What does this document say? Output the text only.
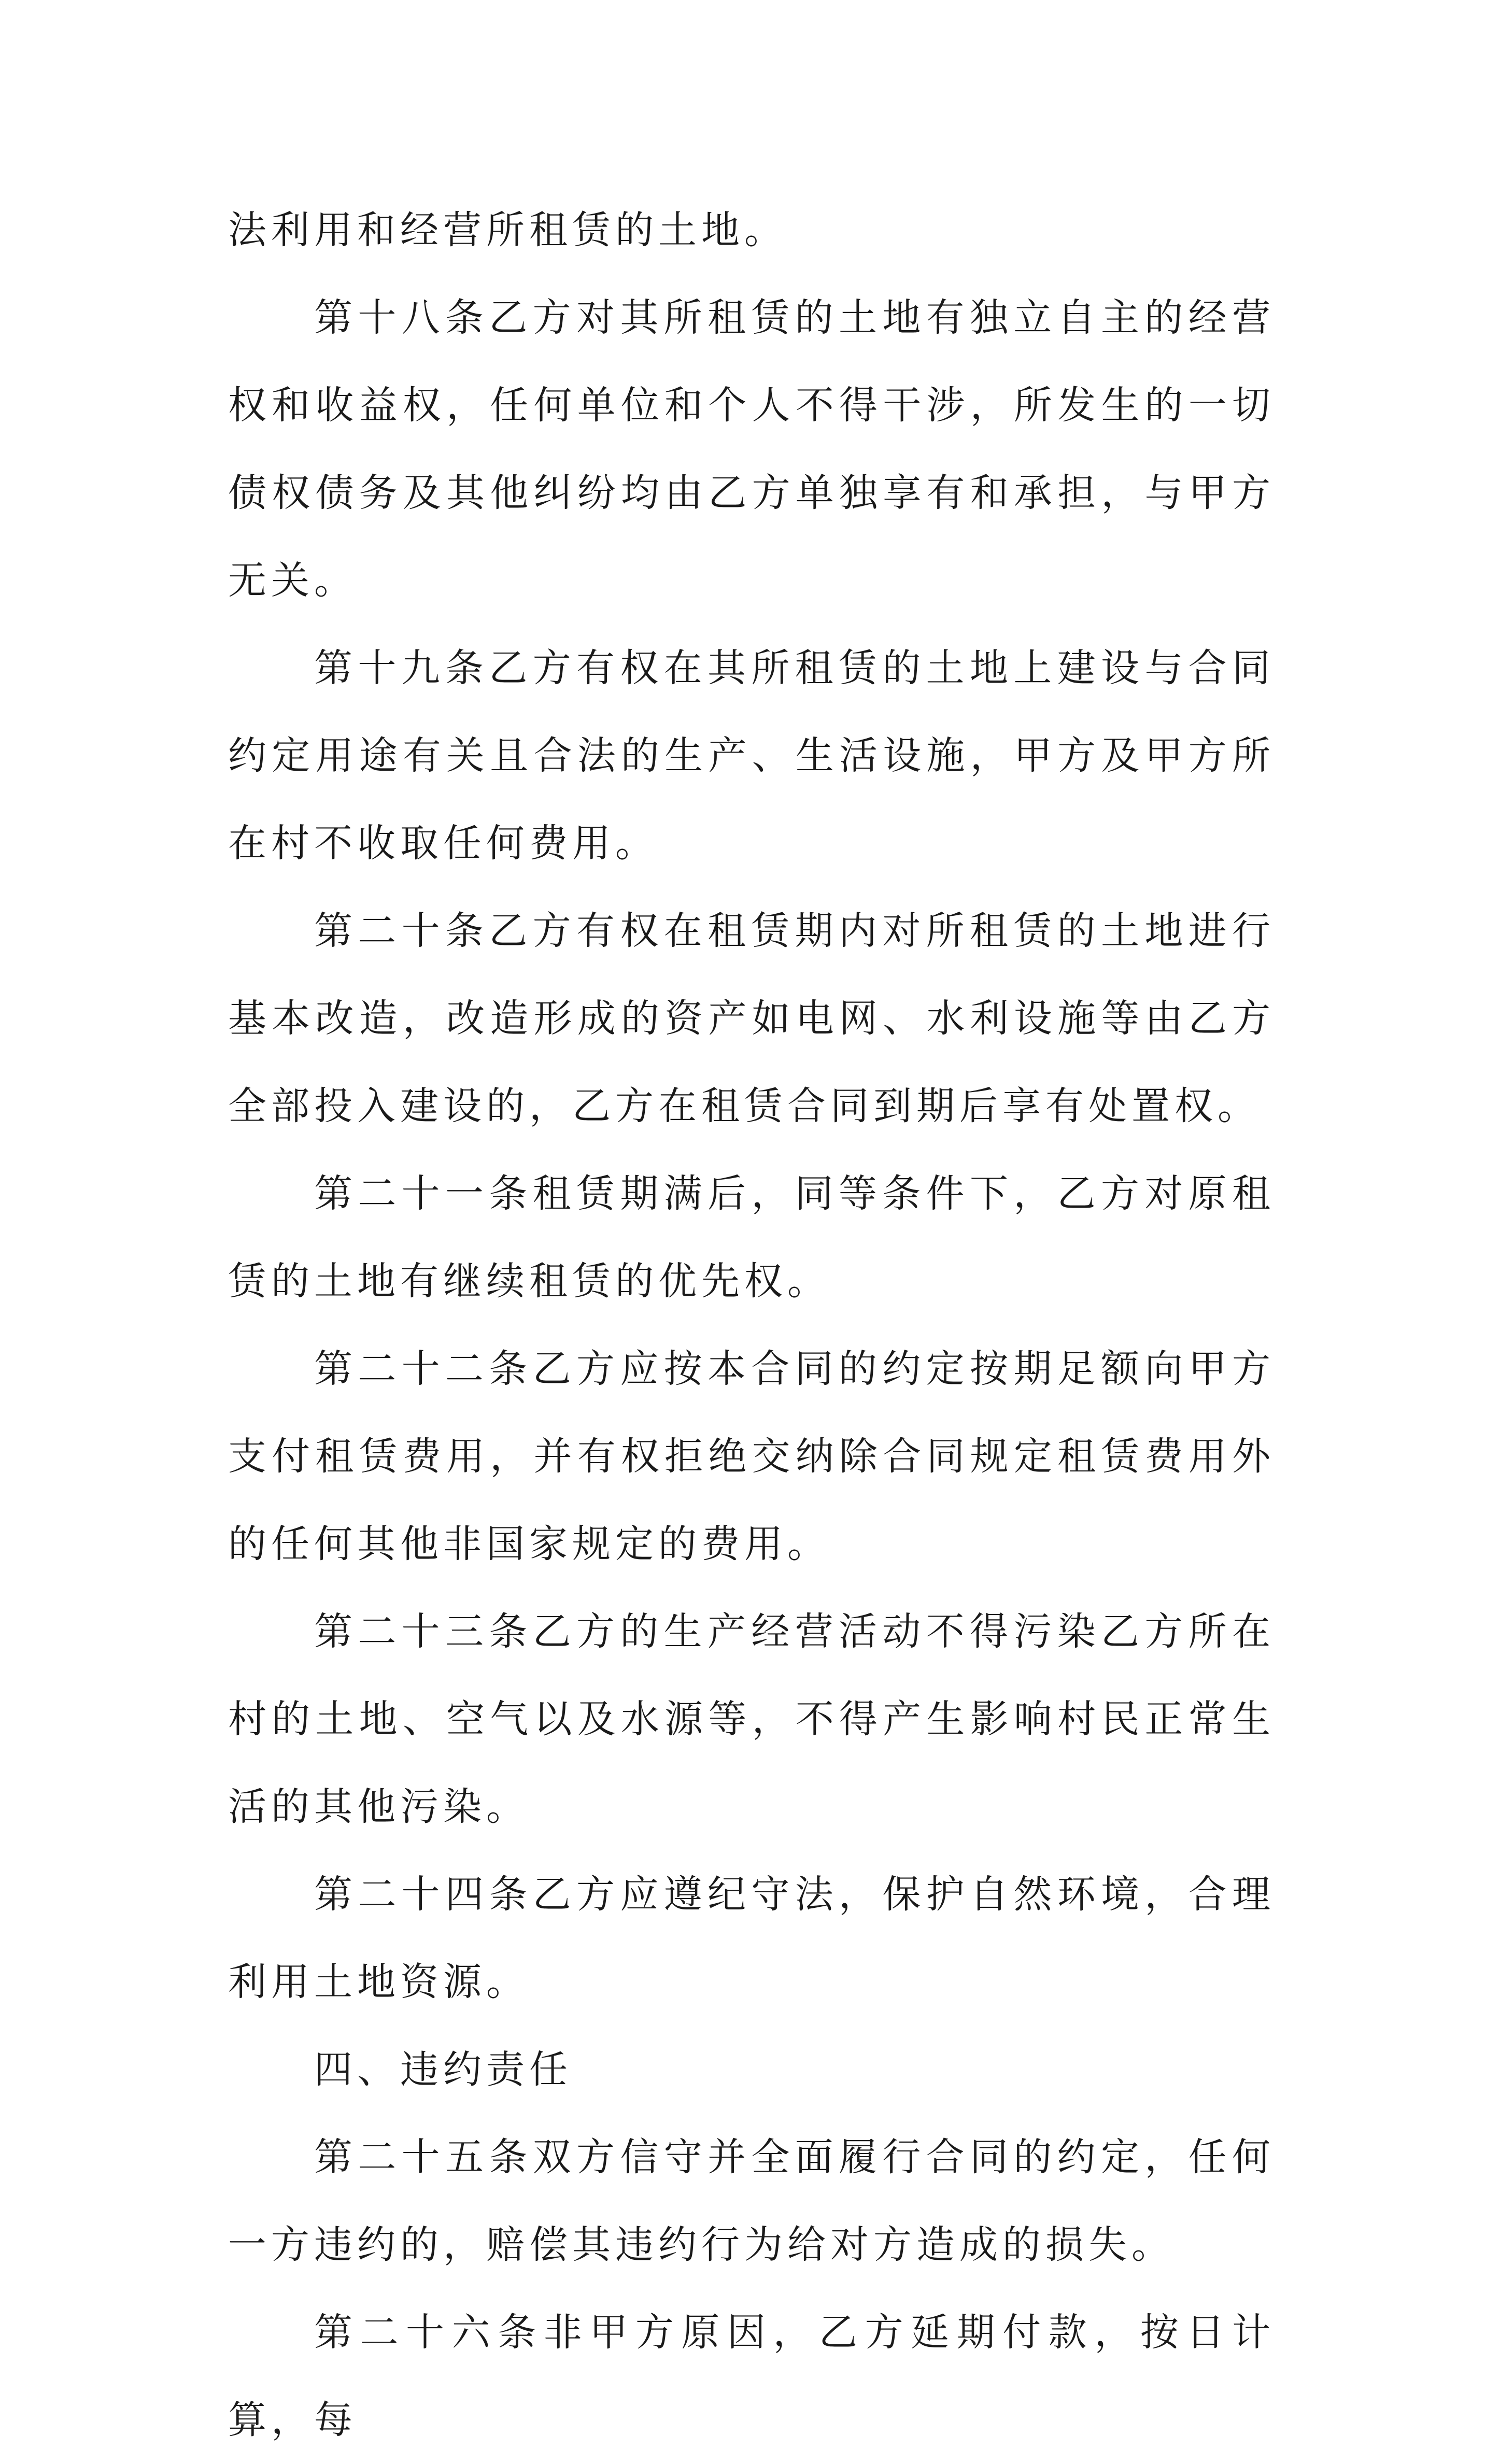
法利用和经营所租赁的土地。

第十八条乙方对其所租赁的土地有独立自主的经营权和收益权，任何单位和个人不得干涉，所发生的一切债权债务及其他纠纷均由乙方单独享有和承担，与甲方无关。

第十九条乙方有权在其所租赁的土地上建设与合同约定用途有关且合法的生产、生活设施，甲方及甲方所在村不收取任何费用。

第二十条乙方有权在租赁期内对所租赁的土地进行基本改造，改造形成的资产如电网、水利设施等由乙方全部投入建设的，乙方在租赁合同到期后享有处置权。

第二十一条租赁期满后，同等条件下，乙方对原租赁的土地有继续租赁的优先权。

第二十二条乙方应按本合同的约定按期足额向甲方支付租赁费用，并有权拒绝交纳除合同规定租赁费用外的任何其他非国家规定的费用。

第二十三条乙方的生产经营活动不得污染乙方所在村的土地、空气以及水源等，不得产生影响村民正常生活的其他污染。

第二十四条乙方应遵纪守法，保护自然环境，合理利用土地资源。

四、违约责任

第二十五条双方信守并全面履行合同的约定，任何一方违约的，赔偿其违约行为给对方造成的损失。

第二十六条非甲方原因，乙方延期付款，按日计算，每
